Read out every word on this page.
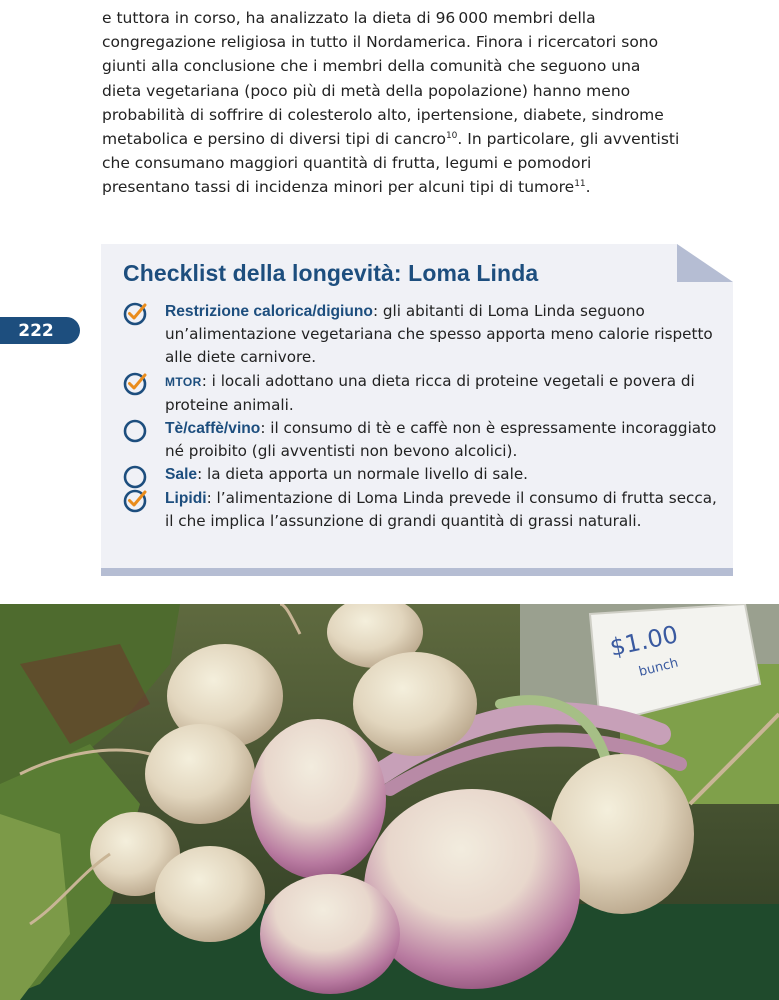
e tuttora in corso, ha analizzato la dieta di 96 000 membri della congregazione religiosa in tutto il Nordamerica. Finora i ricercatori sono giunti alla conclusione che i membri della comunità che seguono una dieta vegetariana (poco più di metà della popolazione) hanno meno probabilità di soffrire di colesterolo alto, ipertensione, diabete, sindrome metabolica e persino di diversi tipi di cancro$^{10}$. In particolare, gli avventisti che consumano maggiori quantità di frutta, legumi e pomodori presentano tassi di incidenza minori per alcuni tipi di tumore$^{11}$.

222
Checklist della longevità: Loma Linda
Restrizione calorica/digiuno: gli abitanti di Loma Linda seguono un’alimentazione vegetariana che spesso apporta meno calorie rispetto alle diete carnivore.
MTOR: i locali adottano una dieta ricca di proteine vegetali e povera di proteine animali.
Tè/caffè/vino: il consumo di tè e caffè non è espressamente incoraggiato né proibito (gli avventisti non bevono alcolici).
Sale: la dieta apporta un normale livello di sale.
Lipidi: l’alimentazione di Loma Linda prevede il consumo di frutta secca, il che implica l’assunzione di grandi quantità di grassi naturali.
$1.00
bunch
